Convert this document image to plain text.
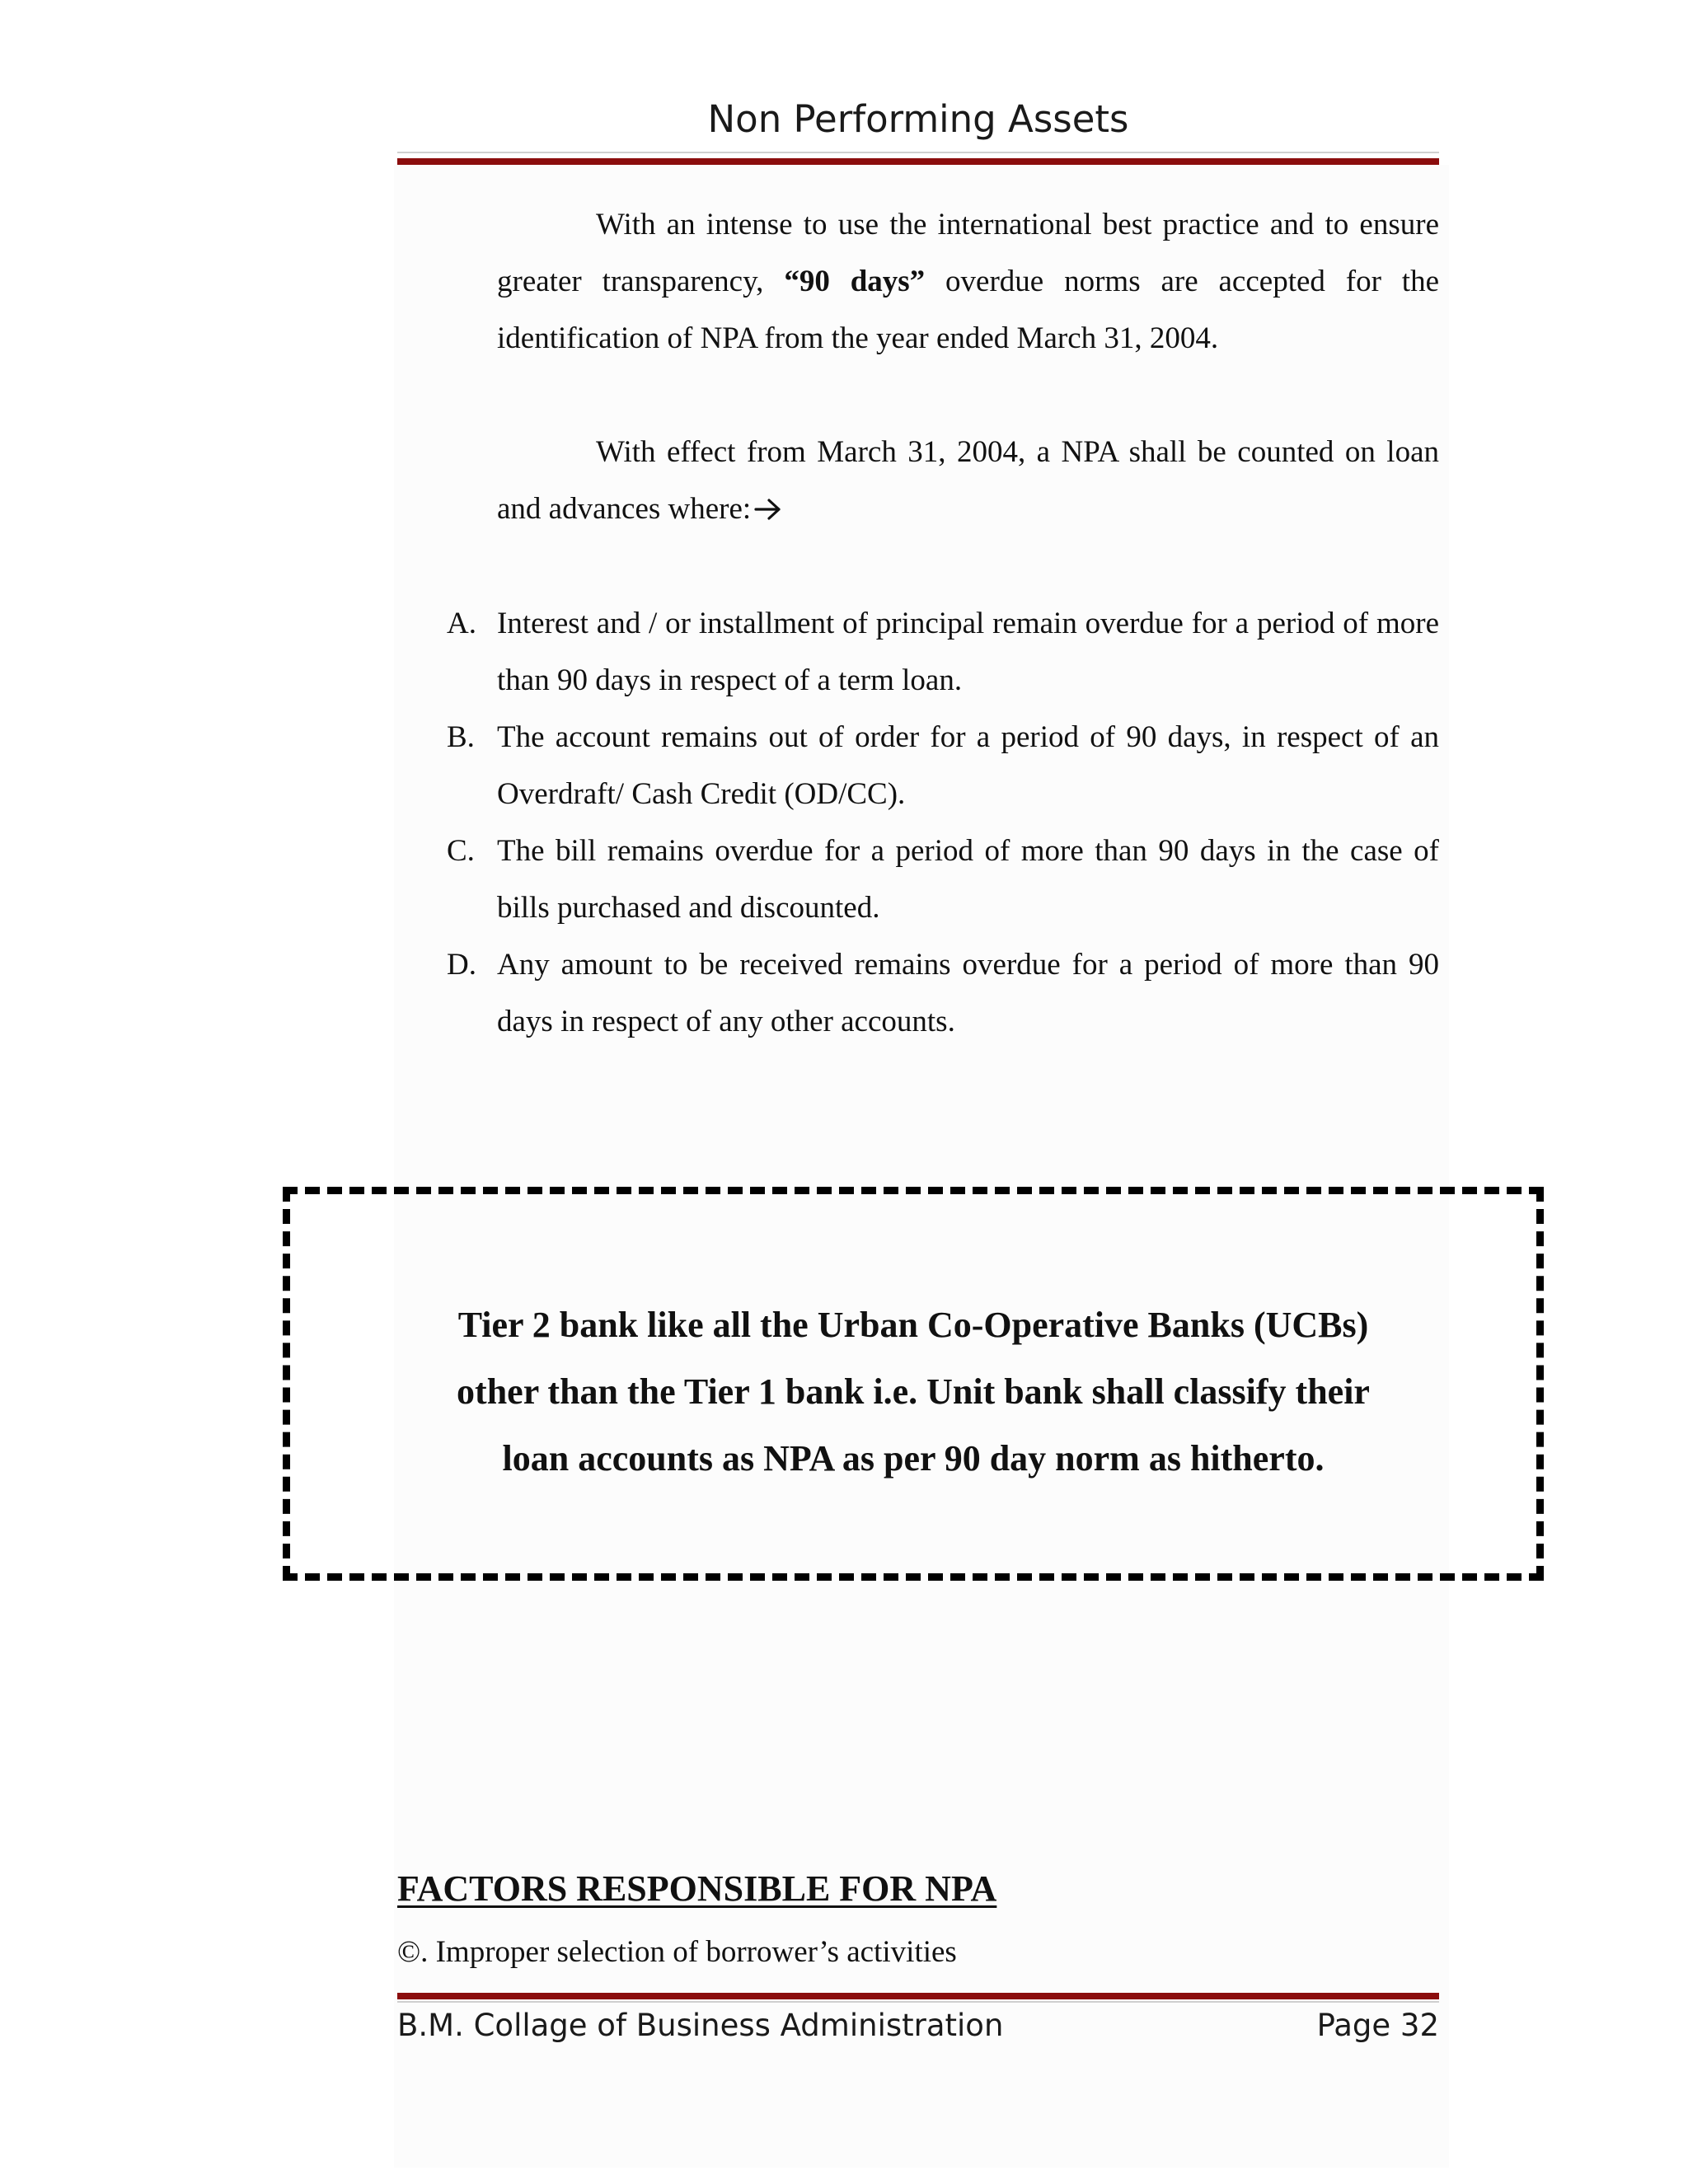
Non Performing Assets

With an intense to use the international best practice and to ensure greater transparency, “90 days” overdue norms are accepted for the identification of NPA from the year ended March 31, 2004.

With effect from March 31, 2004, a NPA shall be counted on loan and advances where:

A. Interest and / or installment of principal remain overdue for a period of more than 90 days in respect of a term loan.
B. The account remains out of order for a period of 90 days, in respect of an Overdraft/ Cash Credit (OD/CC).
C. The bill remains overdue for a period of more than 90 days in the case of bills purchased and discounted.
D. Any amount to be received remains overdue for a period of more than 90 days in respect of any other accounts.

Tier 2 bank like all the Urban Co-Operative Banks (UCBs)
other than the Tier 1 bank i.e. Unit bank shall classify their
loan accounts as NPA as per 90 day norm as hitherto.

FACTORS RESPONSIBLE FOR NPA

©. Improper selection of borrower’s activities

B.M. Collage of Business Administration	Page 32
